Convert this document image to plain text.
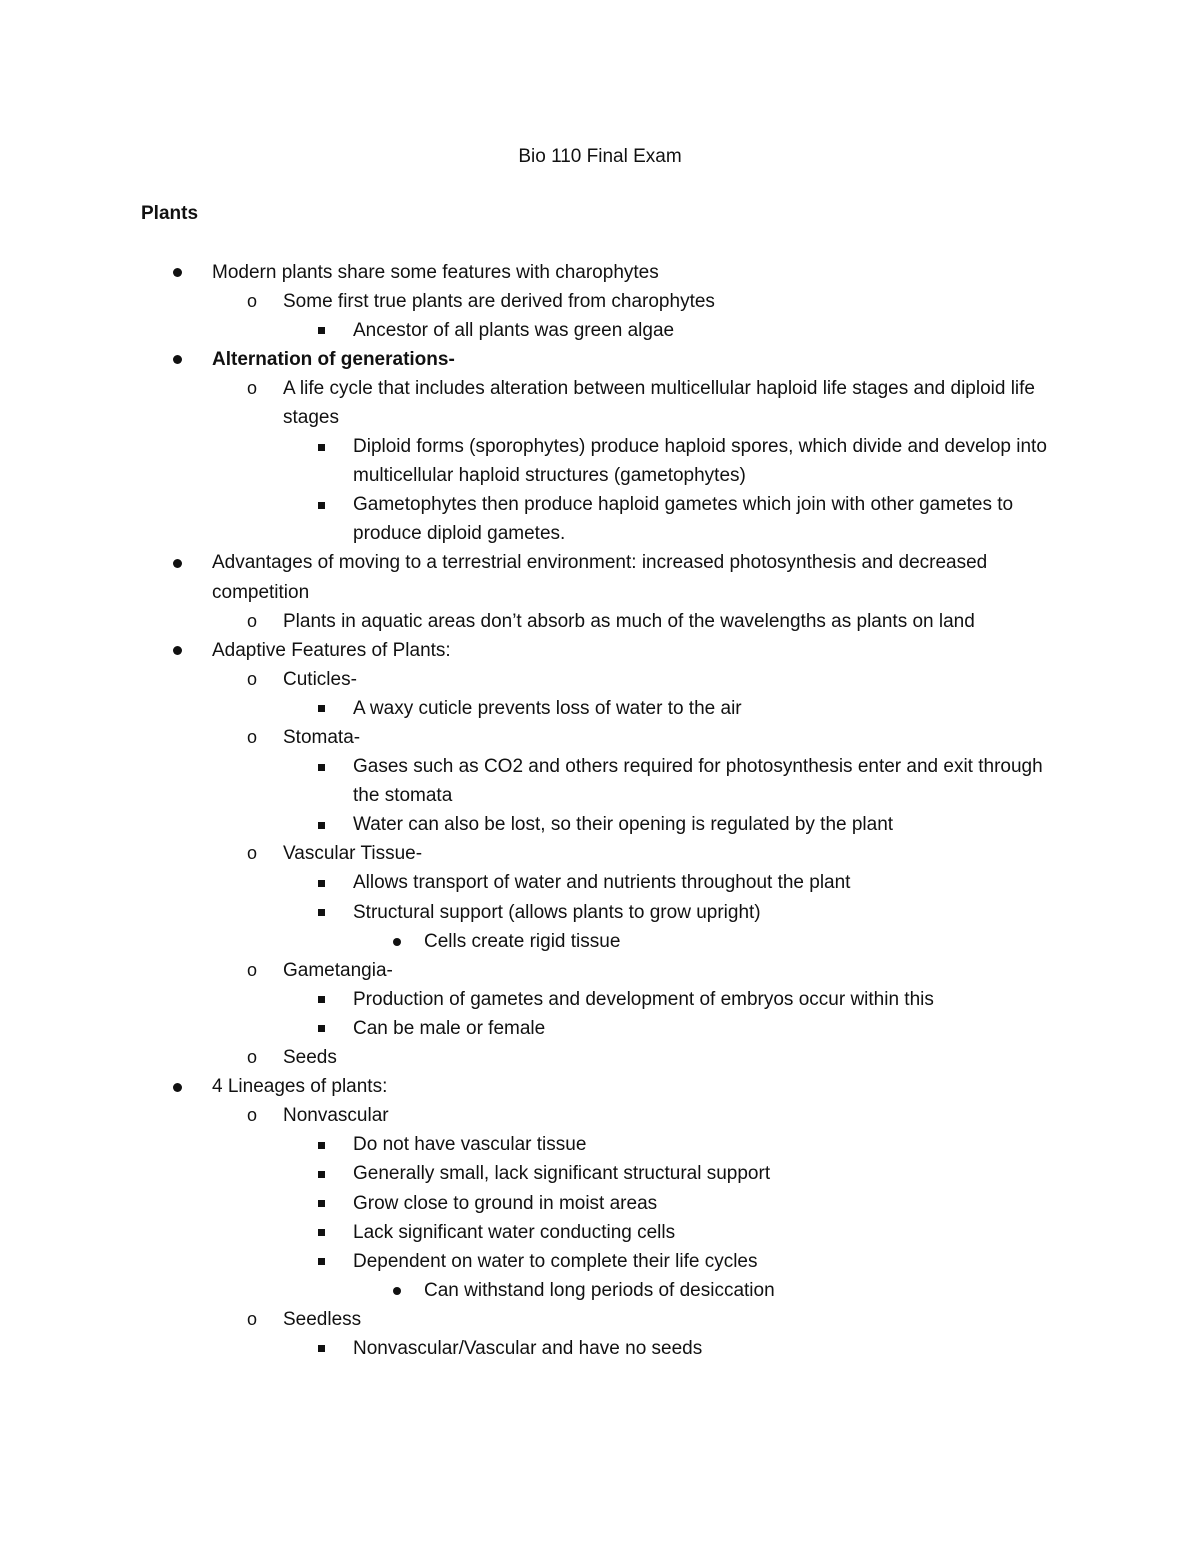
Bio 110 Final Exam
Plants
Modern plants share some features with charophytes
o Some first true plants are derived from charophytes
Ancestor of all plants was green algae
Alternation of generations-
o A life cycle that includes alteration between multicellular haploid life stages and diploid life stages
Diploid forms (sporophytes) produce haploid spores, which divide and develop into multicellular haploid structures (gametophytes)
Gametophytes then produce haploid gametes which join with other gametes to produce diploid gametes.
Advantages of moving to a terrestrial environment: increased photosynthesis and decreased competition
o Plants in aquatic areas don’t absorb as much of the wavelengths as plants on land
Adaptive Features of Plants:
o Cuticles-
A waxy cuticle prevents loss of water to the air
o Stomata-
Gases such as CO2 and others required for photosynthesis enter and exit through the stomata
Water can also be lost, so their opening is regulated by the plant
o Vascular Tissue-
Allows transport of water and nutrients throughout the plant
Structural support (allows plants to grow upright)
Cells create rigid tissue
o Gametangia-
Production of gametes and development of embryos occur within this
Can be male or female
o Seeds
4 Lineages of plants:
o Nonvascular
Do not have vascular tissue
Generally small, lack significant structural support
Grow close to ground in moist areas
Lack significant water conducting cells
Dependent on water to complete their life cycles
Can withstand long periods of desiccation
o Seedless
Nonvascular/Vascular and have no seeds
